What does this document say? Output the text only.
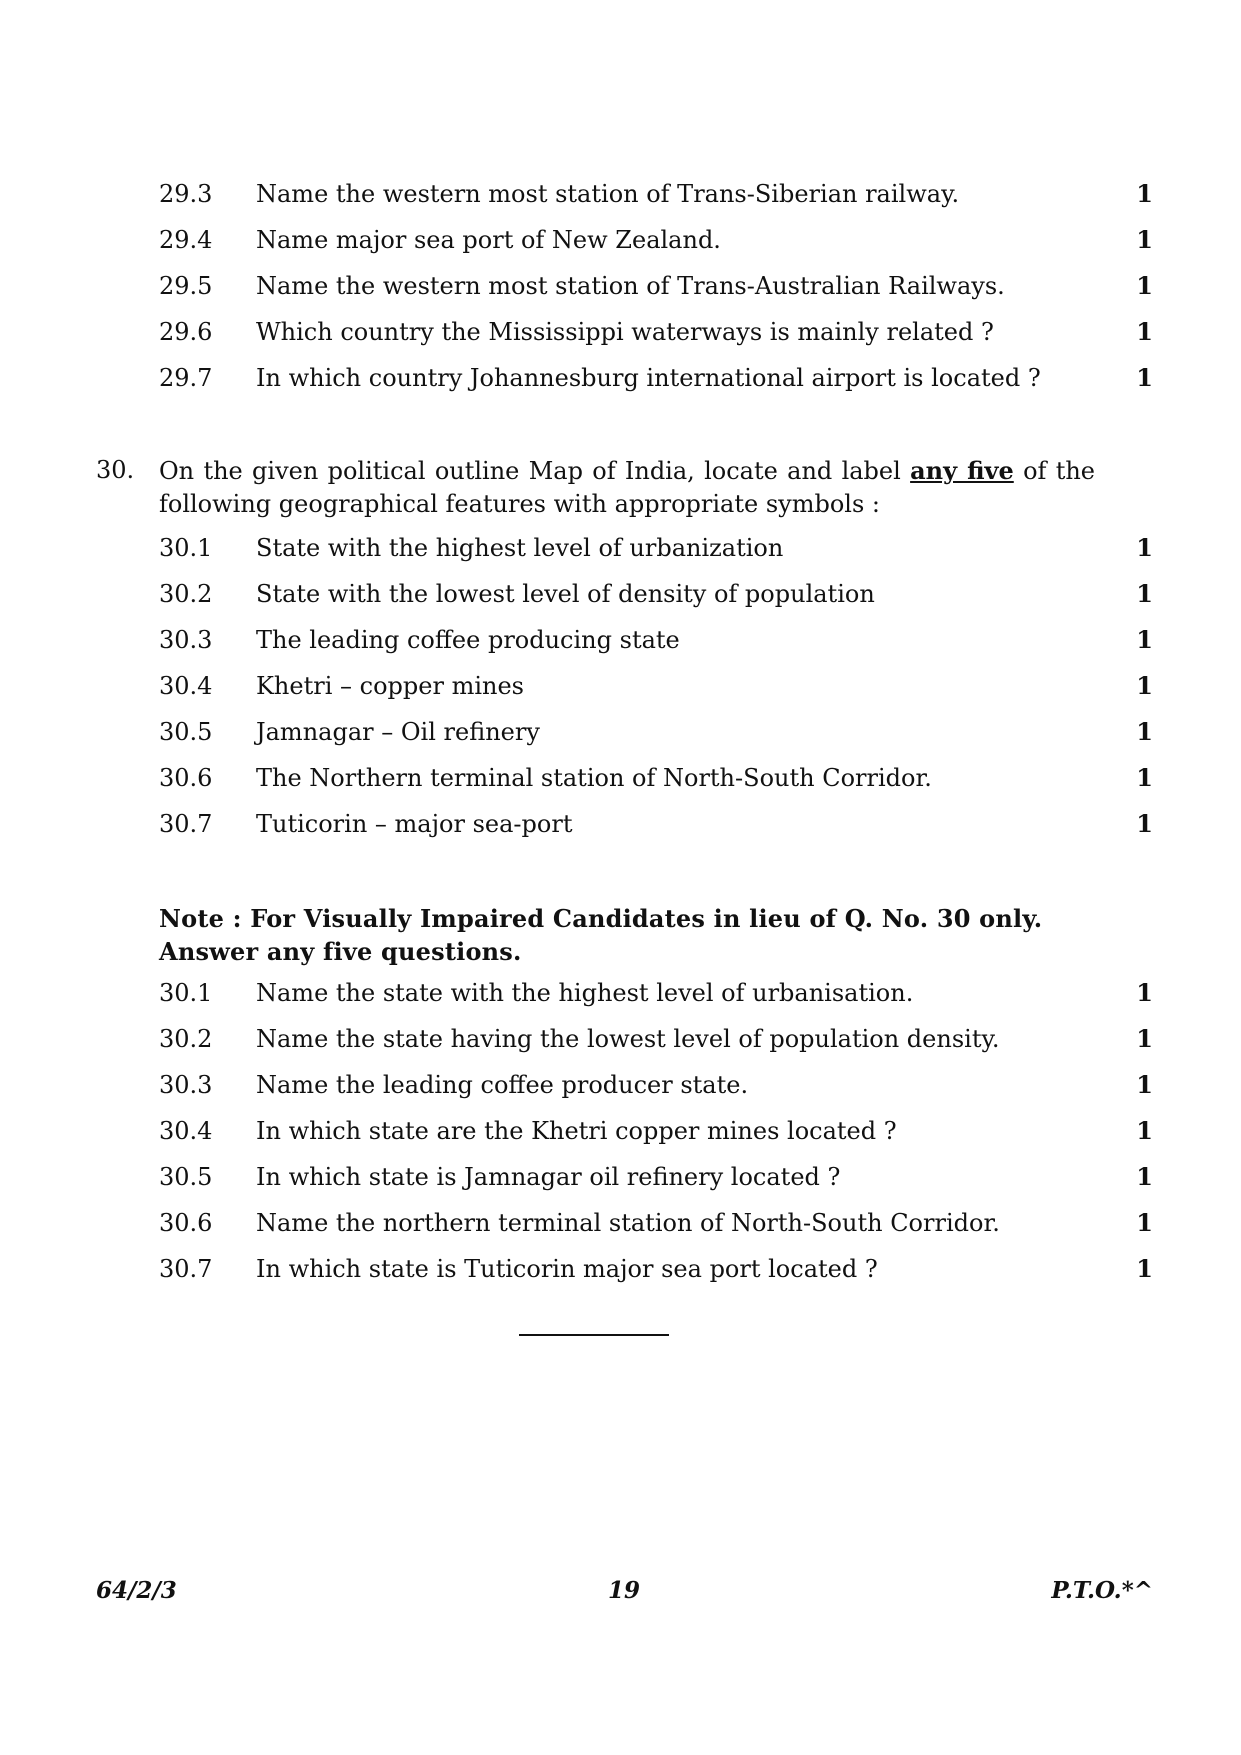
29.3 Name the western most station of Trans-Siberian railway.	1
29.4 Name major sea port of New Zealand.	1
29.5 Name the western most station of Trans-Australian Railways.	1
29.6 Which country the Mississippi waterways is mainly related ?	1
29.7 In which country Johannesburg international airport is located ?	1
30. On the given political outline Map of India, locate and label any five of the following geographical features with appropriate symbols :
30.1 State with the highest level of urbanization	1
30.2 State with the lowest level of density of population	1
30.3 The leading coffee producing state	1
30.4 Khetri – copper mines	1
30.5 Jamnagar – Oil refinery	1
30.6 The Northern terminal station of North-South Corridor.	1
30.7 Tuticorin – major sea-port	1
Note : For Visually Impaired Candidates in lieu of Q. No. 30 only.
Answer any five questions.
30.1 Name the state with the highest level of urbanisation.	1
30.2 Name the state having the lowest level of population density.	1
30.3 Name the leading coffee producer state.	1
30.4 In which state are the Khetri copper mines located ?	1
30.5 In which state is Jamnagar oil refinery located ?	1
30.6 Name the northern terminal station of North-South Corridor.	1
30.7 In which state is Tuticorin major sea port located ?	1
64/2/3	19	P.T.O.*^
